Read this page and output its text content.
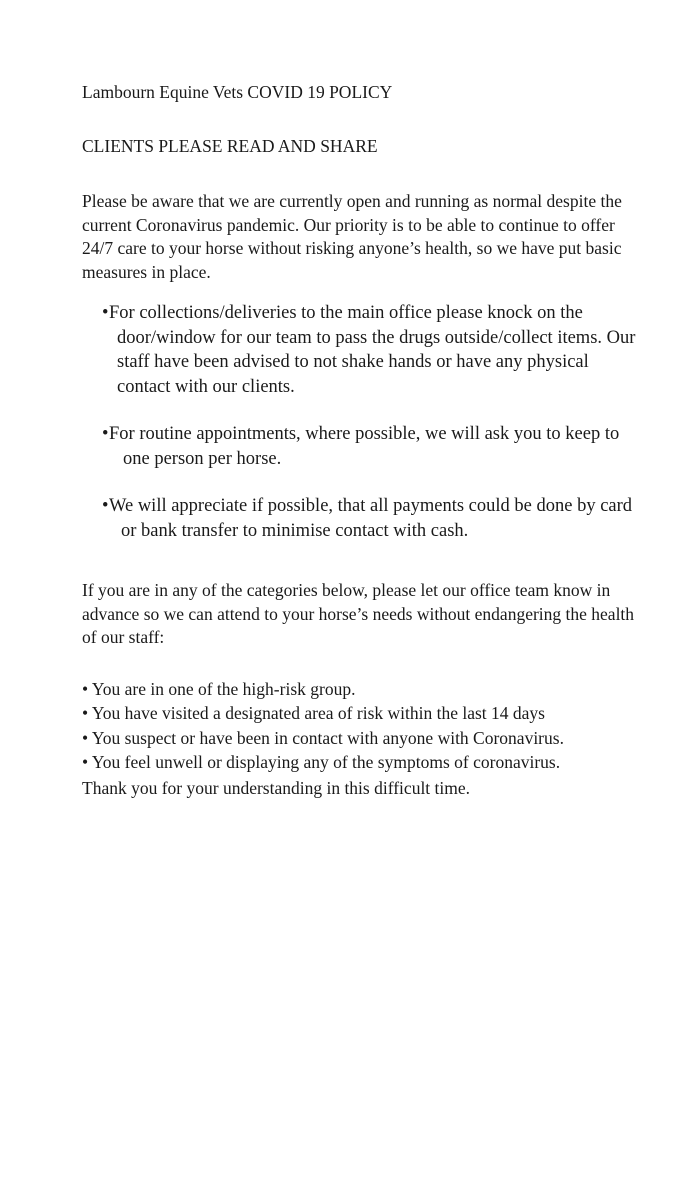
Lambourn Equine Vets COVID 19 POLICY

CLIENTS PLEASE READ AND SHARE

Please be aware that we are currently open and running as normal despite the current Coronavirus pandemic. Our priority is to be able to continue to offer 24/7 care to your horse without risking anyone’s health, so we have put basic measures in place.

• For collections/deliveries to the main office please knock on the door/window for our team to pass the drugs outside/collect items. Our staff have been advised to not shake hands or have any physical contact with our clients.
• For routine appointments, where possible, we will ask you to keep to one person per horse.
• We will appreciate if possible, that all payments could be done by card or bank transfer to minimise contact with cash.

If you are in any of the categories below, please let our office team know in advance so we can attend to your horse’s needs without endangering the health of our staff:

• You are in one of the high-risk group.
• You have visited a designated area of risk within the last 14 days
• You suspect or have been in contact with anyone with Coronavirus.
• You feel unwell or displaying any of the symptoms of coronavirus.

Thank you for your understanding in this difficult time.
